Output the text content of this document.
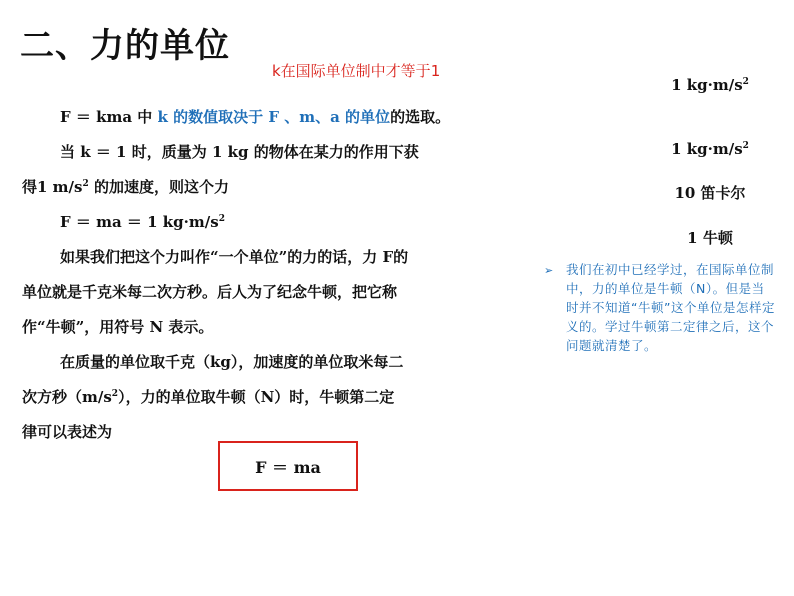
二、力的单位
k在国际单位制中才等于1
F ＝ kma 中 k 的数值取决于 F 、m、a 的单位的选取。
当 k ＝ 1 时，质量为 1 kg 的物体在某力的作用下获
得1 $m/s^2$ 的加速度，则这个力
F ＝ ma ＝ 1 $kg\cdot m/s^2$
如果我们把这个力叫作“一个单位”的力的话，力 F的
单位就是千克米每二次方秒。后人为了纪念牛顿，把它称
作“牛顿”，用符号 N 表示。
在质量的单位取千克（kg），加速度的单位取米每二
次方秒$(m/s^2)$，力的单位取牛顿（N）时，牛顿第二定
律可以表述为
F ＝ ma
1 $kg\cdot m/s^2$
1 $kg\cdot m/s^2$
10 笛卡尔
1 牛顿
➢	我们在初中已经学过，在国际单位制中，力的单位是牛顿（N）。但是当时并不知道“牛顿”这个单位是怎样定义的。学过牛顿第二定律之后，这个问题就清楚了。
